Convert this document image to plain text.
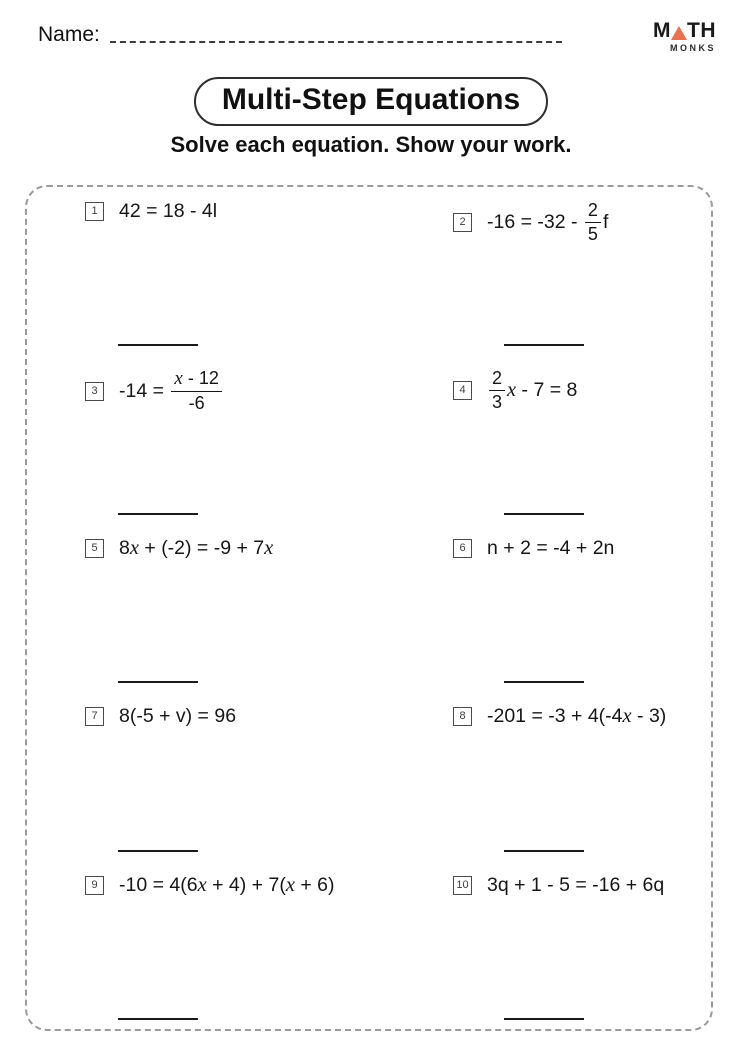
Name:	M TH
MONKS
Multi-Step Equations
Solve each equation. Show your work.
1	42 = 18 - 4l	2	$-16 = -32 - \frac{2}{5}$ f
3	$-14 = \frac{x - 12}{-6}$	4	$\frac{2}{3}$ x - 7 = 8
5	8 x + (-2) = -9 + 7 x	6	n + 2 = -4 + 2n
7	8(-5 + v) = 96	8	-201 = -3 + 4(-4 x - 3)
9	-10 = 4(6 x + 4) + 7( x + 6)	10 3q + 1 - 5 = -16 + 6q
